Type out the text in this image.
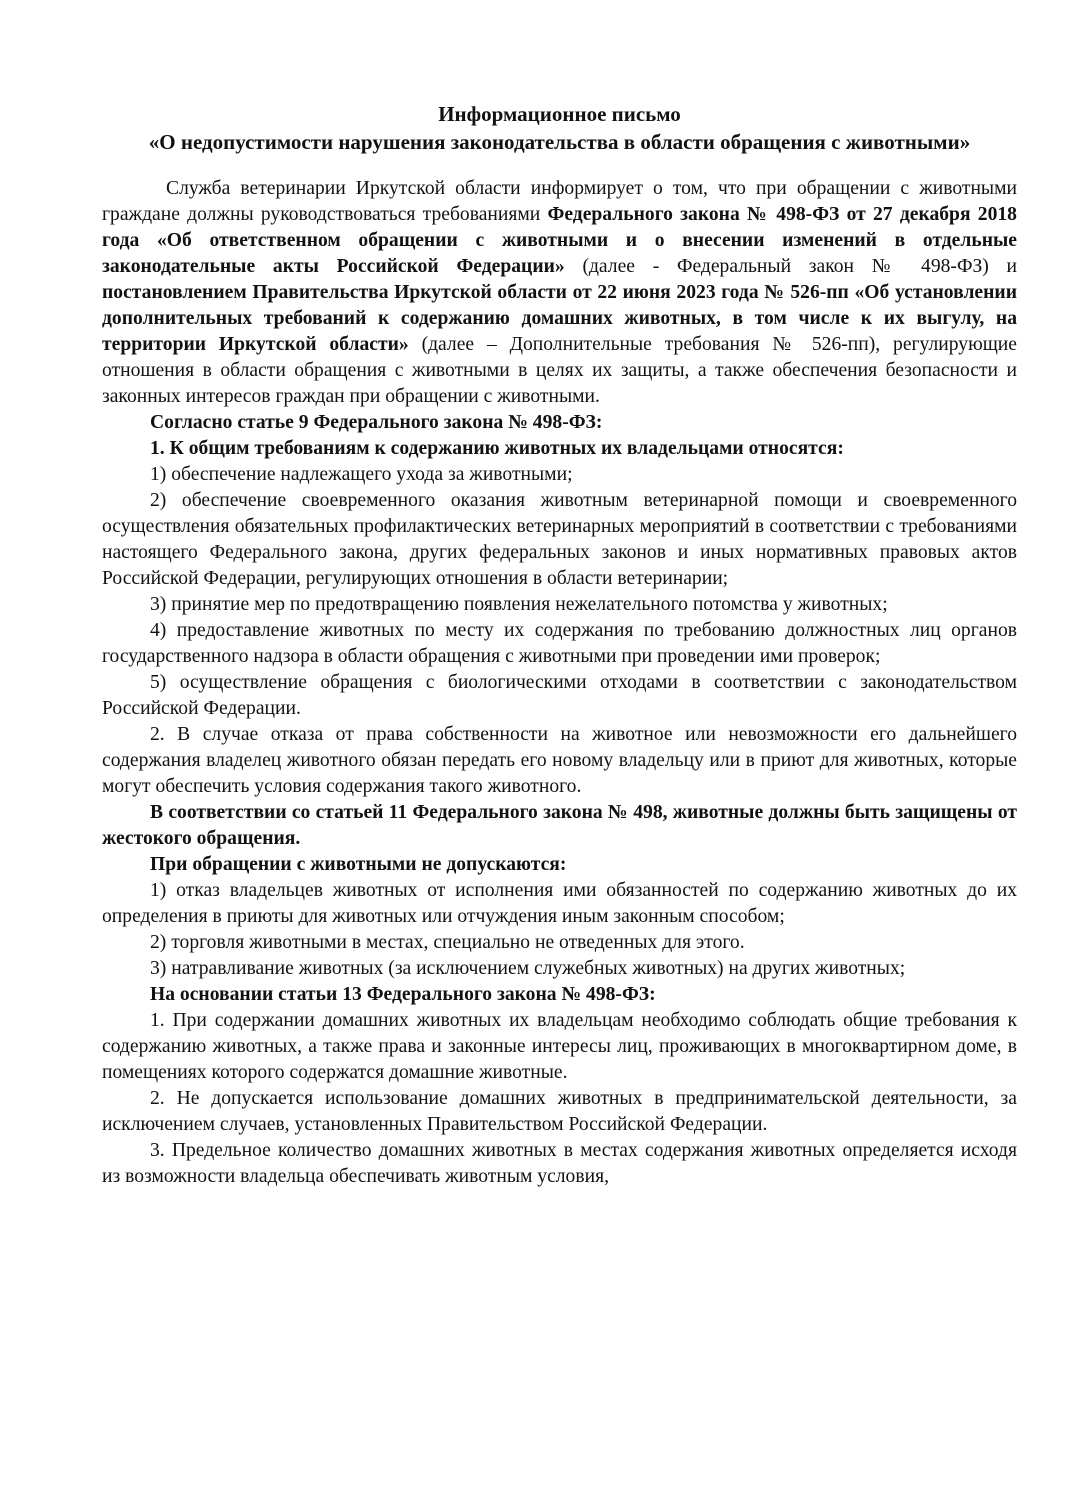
Информационное письмо
«О недопустимости нарушения законодательства в области обращения с животными»

Служба ветеринарии Иркутской области информирует о том, что при обращении с животными граждане должны руководствоваться требованиями Федерального закона № 498-ФЗ от 27 декабря 2018 года «Об ответственном обращении с животными и о внесении изменений в отдельные законодательные акты Российской Федерации» (далее - Федеральный закон № 498-ФЗ) и постановлением Правительства Иркутской области от 22 июня 2023 года № 526-пп «Об установлении дополнительных требований к содержанию домашних животных, в том числе к их выгулу, на территории Иркутской области» (далее – Дополнительные требования № 526-пп), регулирующие отношения в области обращения с животными в целях их защиты, а также обеспечения безопасности и законных интересов граждан при обращении с животными.

Согласно статье 9 Федерального закона № 498-ФЗ:

1. К общим требованиям к содержанию животных их владельцами относятся:

1) обеспечение надлежащего ухода за животными;

2) обеспечение своевременного оказания животным ветеринарной помощи и своевременного осуществления обязательных профилактических ветеринарных мероприятий в соответствии с требованиями настоящего Федерального закона, других федеральных законов и иных нормативных правовых актов Российской Федерации, регулирующих отношения в области ветеринарии;

3) принятие мер по предотвращению появления нежелательного потомства у животных;

4) предоставление животных по месту их содержания по требованию должностных лиц органов государственного надзора в области обращения с животными при проведении ими проверок;

5) осуществление обращения с биологическими отходами в соответствии с законодательством Российской Федерации.

2. В случае отказа от права собственности на животное или невозможности его дальнейшего содержания владелец животного обязан передать его новому владельцу или в приют для животных, которые могут обеспечить условия содержания такого животного.

В соответствии со статьей 11 Федерального закона № 498, животные должны быть защищены от жестокого обращения.

При обращении с животными не допускаются:

1) отказ владельцев животных от исполнения ими обязанностей по содержанию животных до их определения в приюты для животных или отчуждения иным законным способом;

2) торговля животными в местах, специально не отведенных для этого.

3) натравливание животных (за исключением служебных животных) на других животных;

На основании статьи 13 Федерального закона № 498-ФЗ:

1. При содержании домашних животных их владельцам необходимо соблюдать общие требования к содержанию животных, а также права и законные интересы лиц, проживающих в многоквартирном доме, в помещениях которого содержатся домашние животные.

2. Не допускается использование домашних животных в предпринимательской деятельности, за исключением случаев, установленных Правительством Российской Федерации.

3. Предельное количество домашних животных в местах содержания животных определяется исходя из возможности владельца обеспечивать животным условия,
